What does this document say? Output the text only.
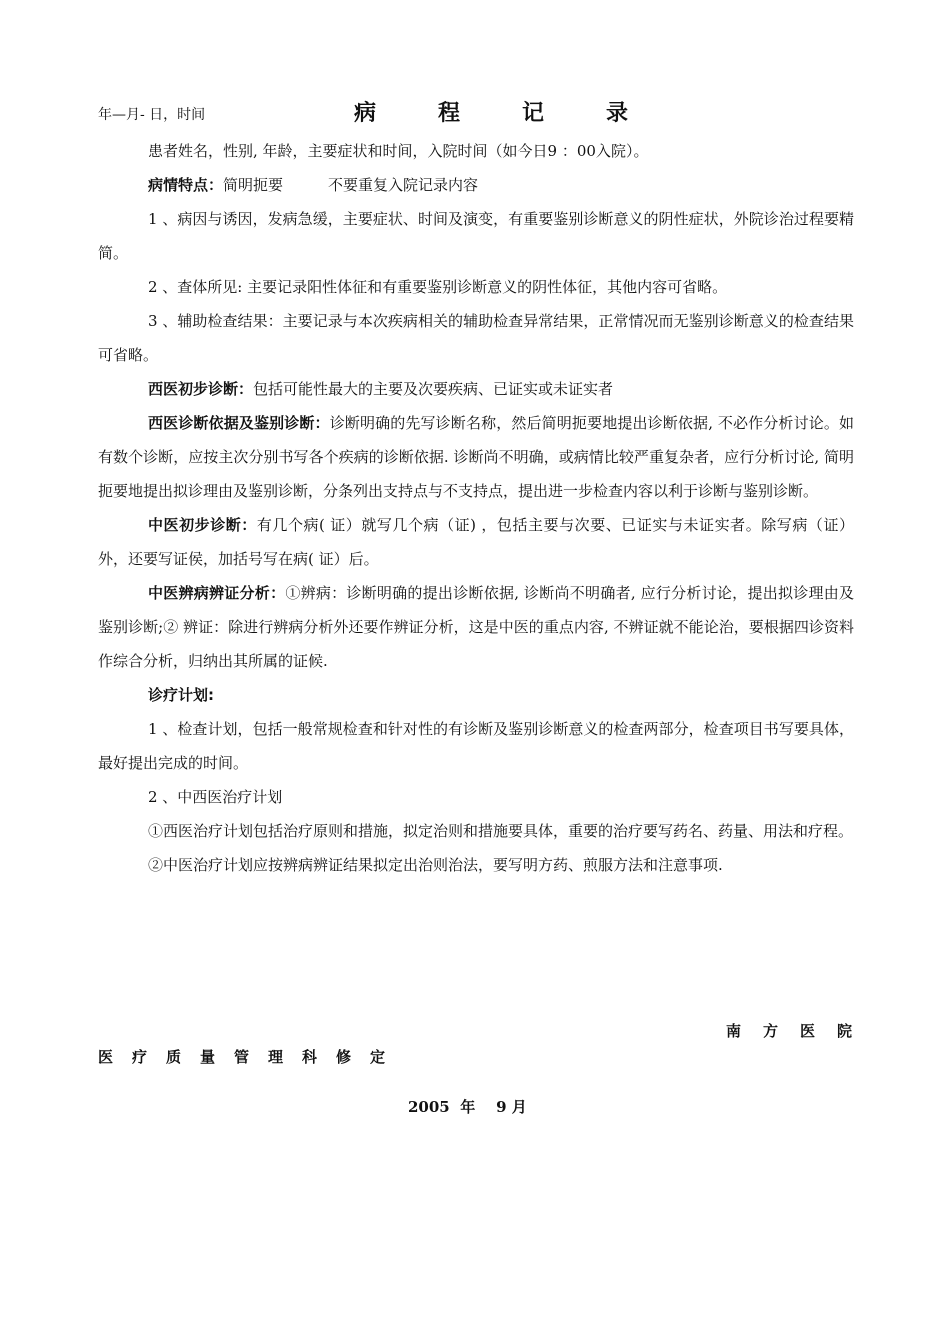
年—月- 日，时间	病程记录

患者姓名，性别, 年龄，主要症状和时间，入院时间（如今日9 ：00入院）。

病情特点：简明扼要　　　不要重复入院记录内容

1 、病因与诱因，发病急缓，主要症状、时间及演变，有重要鉴别诊断意义的阴性症状，外院诊治过程要精简。

2 、查体所见: 主要记录阳性体征和有重要鉴别诊断意义的阴性体征，其他内容可省略。

3 、辅助检查结果：主要记录与本次疾病相关的辅助检查异常结果，正常情况而无鉴别诊断意义的检查结果可省略。

西医初步诊断：包括可能性最大的主要及次要疾病、已证实或未证实者

西医诊断依据及鉴别诊断：诊断明确的先写诊断名称，然后简明扼要地提出诊断依据, 不必作分析讨论。如有数个诊断，应按主次分别书写各个疾病的诊断依据. 诊断尚不明确，或病情比较严重复杂者，应行分析讨论, 简明扼要地提出拟诊理由及鉴别诊断，分条列出支持点与不支持点，提出进一步检查内容以利于诊断与鉴别诊断。

中医初步诊断：有几个病( 证）就写几个病（证) ，包括主要与次要、已证实与未证实者。除写病（证）外，还要写证侯，加括号写在病( 证）后。

中医辨病辨证分析：①辨病：诊断明确的提出诊断依据, 诊断尚不明确者, 应行分析讨论，提出拟诊理由及鉴别诊断;② 辨证：除进行辨病分析外还要作辨证分析，这是中医的重点内容, 不辨证就不能论治，要根据四诊资料作综合分析，归纳出其所属的证候.

诊疗计划:

1 、检查计划，包括一般常规检查和针对性的有诊断及鉴别诊断意义的检查两部分，检查项目书写要具体，最好提出完成的时间。

2 、中西医治疗计划

①西医治疗计划包括治疗原则和措施，拟定治则和措施要具体，重要的治疗要写药名、药量、用法和疗程。

②中医治疗计划应按辨病辨证结果拟定出治则治法，要写明方药、煎服方法和注意事项.

南方医院
医疗质量管理科修定
2005  年    9 月
